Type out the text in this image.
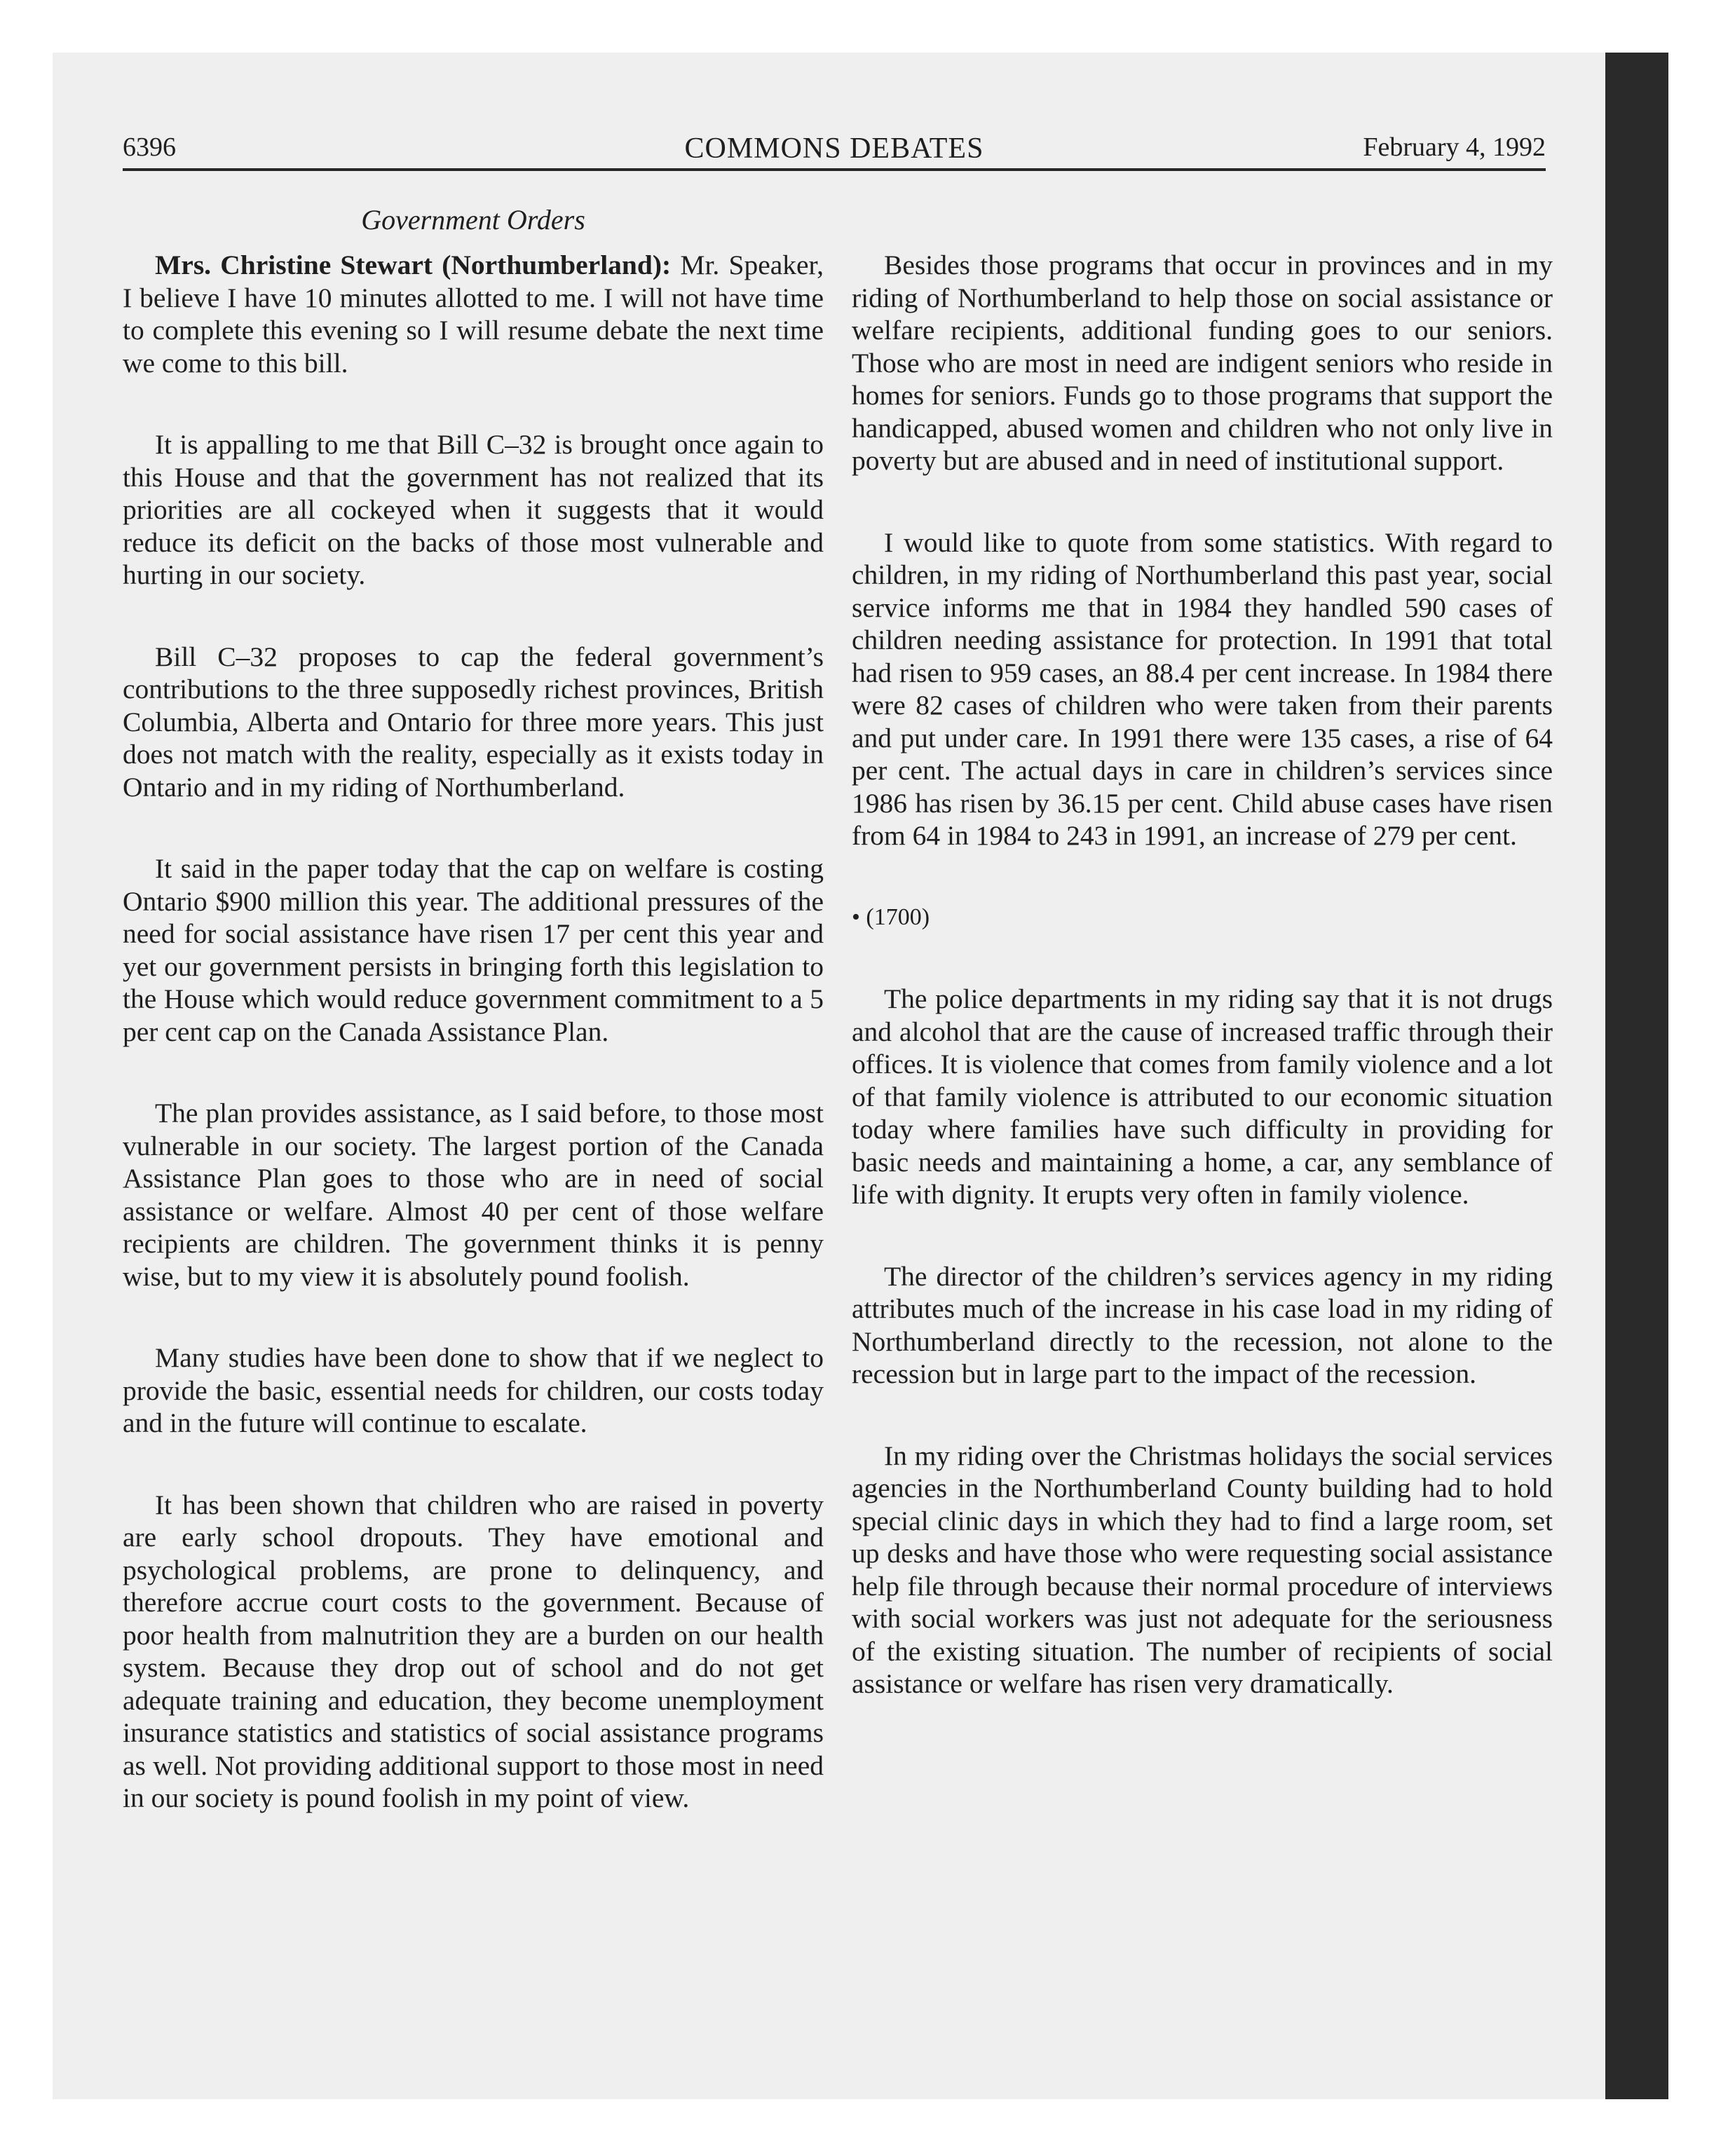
6396	COMMONS DEBATES	February 4, 1992
Government Orders

Mrs. Christine Stewart (Northumberland): Mr. Speaker, I believe I have 10 minutes allotted to me. I will not have time to complete this evening so I will resume debate the next time we come to this bill.

It is appalling to me that Bill C–32 is brought once again to this House and that the government has not realized that its priorities are all cockeyed when it suggests that it would reduce its deficit on the backs of those most vulnerable and hurting in our society.

Bill C–32 proposes to cap the federal government’s contributions to the three supposedly richest provinces, British Columbia, Alberta and Ontario for three more years. This just does not match with the reality, especially as it exists today in Ontario and in my riding of Northumberland.

It said in the paper today that the cap on welfare is costing Ontario $900 million this year. The additional pressures of the need for social assistance have risen 17 per cent this year and yet our government persists in bringing forth this legislation to the House which would reduce government commitment to a 5 per cent cap on the Canada Assistance Plan.

The plan provides assistance, as I said before, to those most vulnerable in our society. The largest portion of the Canada Assistance Plan goes to those who are in need of social assistance or welfare. Almost 40 per cent of those welfare recipients are children. The government thinks it is penny wise, but to my view it is absolutely pound foolish.

Many studies have been done to show that if we neglect to provide the basic, essential needs for children, our costs today and in the future will continue to escalate.

It has been shown that children who are raised in poverty are early school dropouts. They have emotional and psychological problems, are prone to delinquency, and therefore accrue court costs to the government. Because of poor health from malnutrition they are a burden on our health system. Because they drop out of school and do not get adequate training and education, they become unemployment insurance statistics and statistics of social assistance programs as well. Not providing additional support to those most in need in our society is pound foolish in my point of view.

Besides those programs that occur in provinces and in my riding of Northumberland to help those on social assistance or welfare recipients, additional funding goes to our seniors. Those who are most in need are indigent seniors who reside in homes for seniors. Funds go to those programs that support the handicapped, abused women and children who not only live in poverty but are abused and in need of institutional support.

I would like to quote from some statistics. With regard to children, in my riding of Northumberland this past year, social service informs me that in 1984 they handled 590 cases of children needing assistance for protection. In 1991 that total had risen to 959 cases, an 88.4 per cent increase. In 1984 there were 82 cases of children who were taken from their parents and put under care. In 1991 there were 135 cases, a rise of 64 per cent. The actual days in care in children’s services since 1986 has risen by 36.15 per cent. Child abuse cases have risen from 64 in 1984 to 243 in 1991, an increase of 279 per cent.

• (1700)

The police departments in my riding say that it is not drugs and alcohol that are the cause of increased traffic through their offices. It is violence that comes from family violence and a lot of that family violence is attributed to our economic situation today where families have such difficulty in providing for basic needs and maintaining a home, a car, any semblance of life with dignity. It erupts very often in family violence.

The director of the children’s services agency in my riding attributes much of the increase in his case load in my riding of Northumberland directly to the recession, not alone to the recession but in large part to the impact of the recession.

In my riding over the Christmas holidays the social services agencies in the Northumberland County building had to hold special clinic days in which they had to find a large room, set up desks and have those who were requesting social assistance help file through because their normal procedure of interviews with social workers was just not adequate for the seriousness of the existing situation. The number of recipients of social assistance or welfare has risen very dramatically.
